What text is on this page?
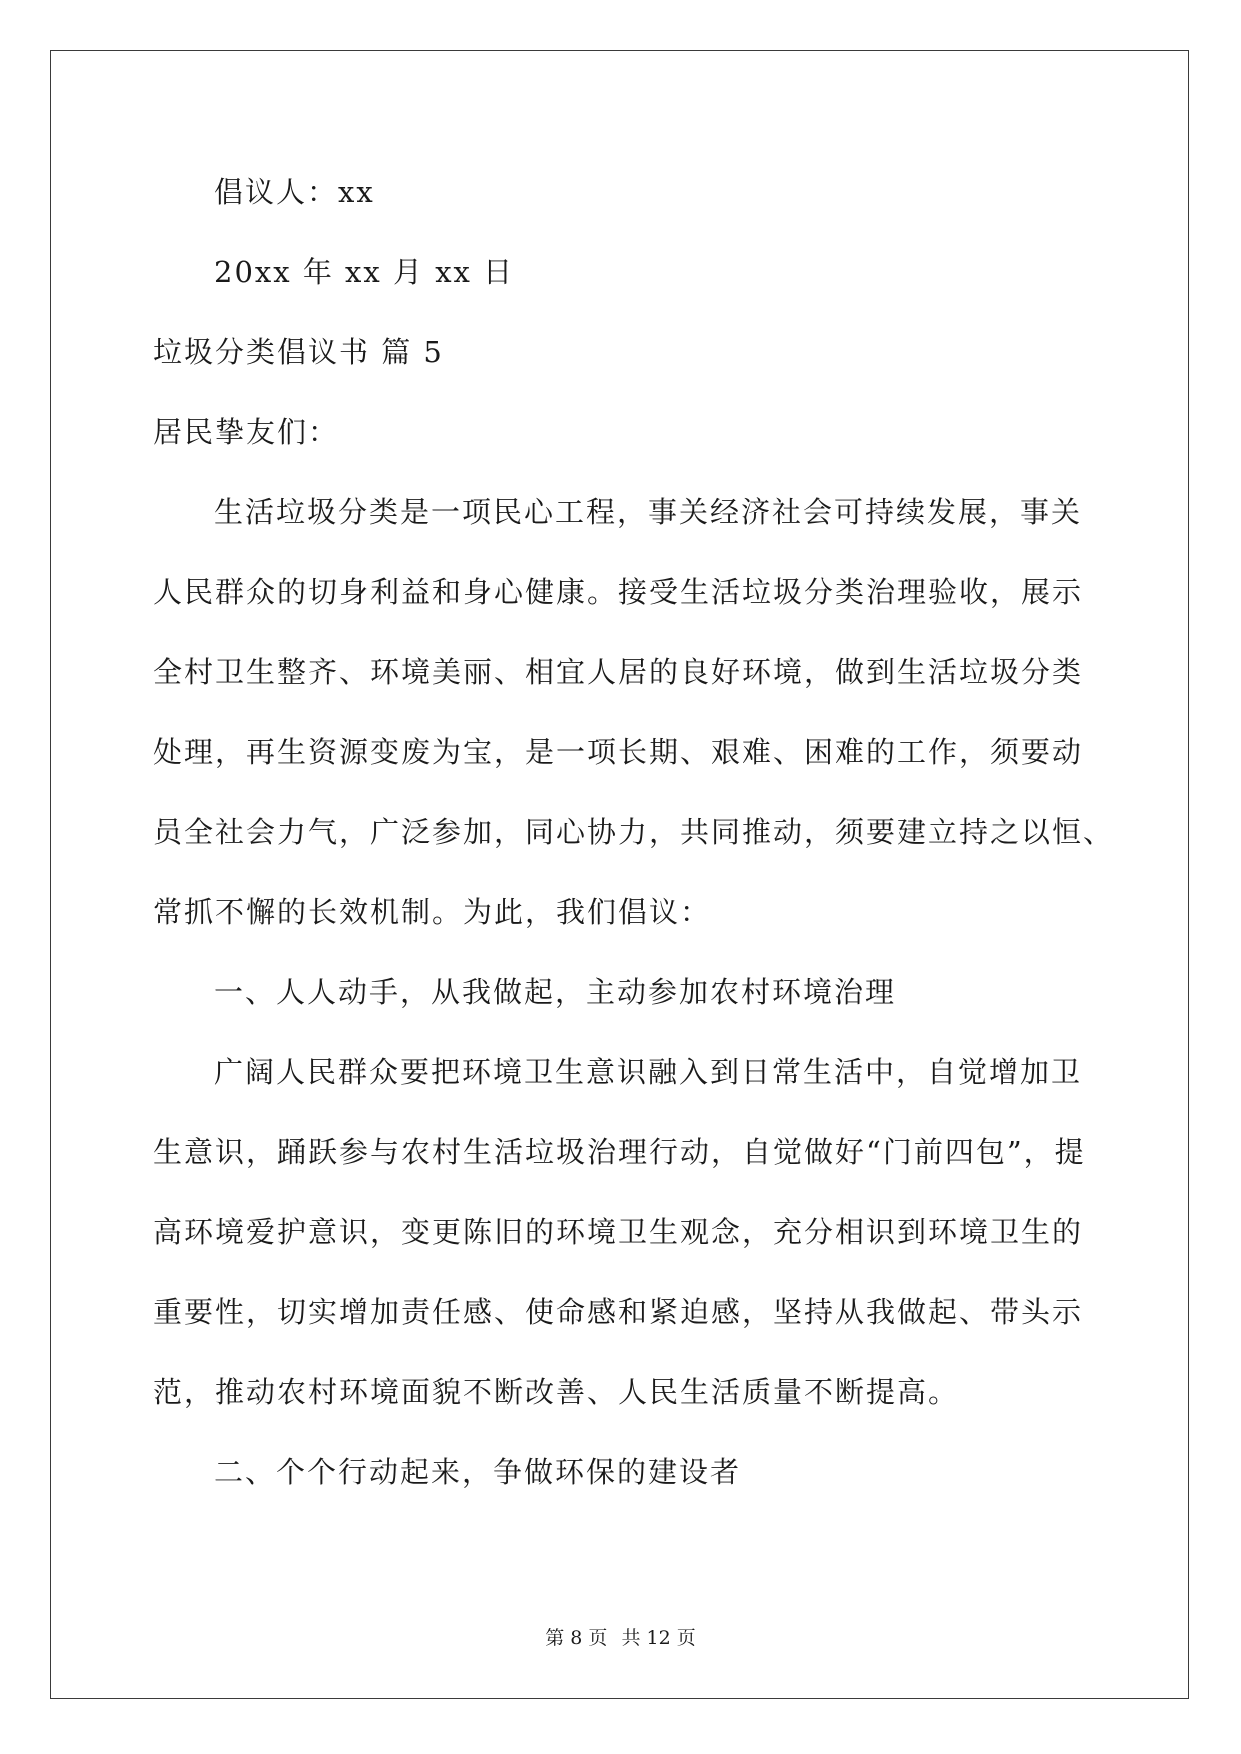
倡议人：xx
20xx 年 xx 月 xx 日
垃圾分类倡议书 篇 5
居民挚友们：
生活垃圾分类是一项民心工程，事关经济社会可持续发展，事关
人民群众的切身利益和身心健康。接受生活垃圾分类治理验收，展示
全村卫生整齐、环境美丽、相宜人居的良好环境，做到生活垃圾分类
处理，再生资源变废为宝，是一项长期、艰难、困难的工作，须要动
员全社会力气，广泛参加，同心协力，共同推动，须要建立持之以恒、
常抓不懈的长效机制。为此，我们倡议：
一、人人动手，从我做起，主动参加农村环境治理
广阔人民群众要把环境卫生意识融入到日常生活中，自觉增加卫
生意识，踊跃参与农村生活垃圾治理行动，自觉做好“门前四包”，提
高环境爱护意识，变更陈旧的环境卫生观念，充分相识到环境卫生的
重要性，切实增加责任感、使命感和紧迫感，坚持从我做起、带头示
范，推动农村环境面貌不断改善、人民生活质量不断提高。
二、个个行动起来，争做环保的建设者
第 8 页 共 12 页
